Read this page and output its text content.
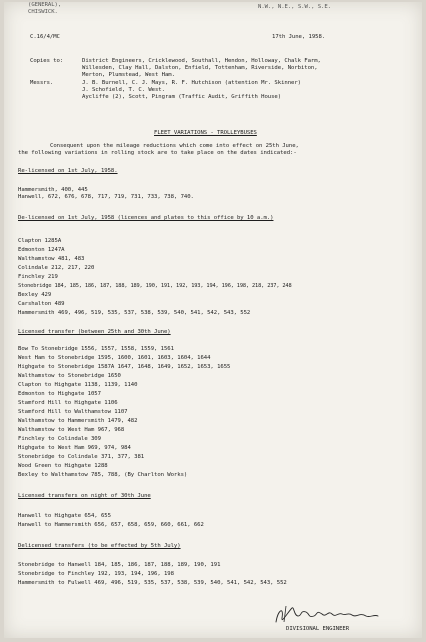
(GENERAL),
CHISWICK.
N.W., N.E., S.W., S.E.
C.16/4/MC	17th June, 1958.
Copies to:	District Engineers, Cricklewood, Southall, Hendon, Holloway, Chalk Farm,
Willesden, Clay Hall, Dalston, Enfield, Tottenham, Riverside, Norbiton,
Merton, Plumstead, West Ham.
Messrs.	J. B. Burnell, C. J. Mays, R. F. Hutchison (attention Mr. Skinner)
J. Schofield, T. C. West.
Aycliffe (2), Scott, Pingram (Traffic Audit, Griffith House)
FLEET VARIATIONS - TROLLEYBUSES
Consequent upon the mileage reductions which come into effect on 25th June,
the following variations in rolling stock are to take place on the dates indicated:-
Re-licensed on 1st July, 1958.
Hammersmith, 400, 445
Hanwell, 672, 676, 678, 717, 719, 731, 733, 738, 740.
De-licensed on 1st July, 1958 (licences and plates to this office by 10 a.m.)
Clapton 1285A
Edmonton 1247A
Walthamstow 481, 483
Colindale 212, 217, 220
Finchley 219
Stonebridge 184, 185, 186, 187, 188, 189, 190, 191, 192, 193, 194, 196, 198, 218, 237, 248
Bexley 429
Carshalton 489
Hammersmith 469, 496, 519, 535, 537, 538, 539, 540, 541, 542, 543, 552
Licensed transfer (between 25th and 30th June)
Bow To Stonebridge 1556, 1557, 1558, 1559, 1561
West Ham to Stonebridge 1595, 1600, 1601, 1603, 1604, 1644
Highgate to Stonebridge 1587A 1647, 1648, 1649, 1652, 1653, 1655
Walthamstow to Stonebridge 1650
Clapton to Highgate 1138, 1139, 1140
Edmonton to Highgate 1057
Stamford Hill to Highgate 1106
Stamford Hill to Walthamstow 1107
Walthamstow to Hammersmith 1479, 482
Walthamstow to West Ham 967, 968
Finchley to Colindale 309
Highgate to West Ham 969, 974, 984
Stonebridge to Colindale 371, 377, 381
Wood Green to Highgate 1288
Bexley to Walthamstow 785, 788, (By Charlton Works)
Licensed transfers on night of 30th June
Hanwell to Highgate 654, 655
Hanwell to Hammersmith 656, 657, 658, 659, 660, 661, 662
Delicensed transfers (to be effected by 5th July)
Stonebridge to Hanwell 184, 185, 186, 187, 188, 189, 190, 191
Stonebridge to Finchley 192, 193, 194, 196, 198
Hammersmith to Fulwell 469, 496, 519, 535, 537, 538, 539, 540, 541, 542, 543, 552
DIVISIONAL ENGINEER
